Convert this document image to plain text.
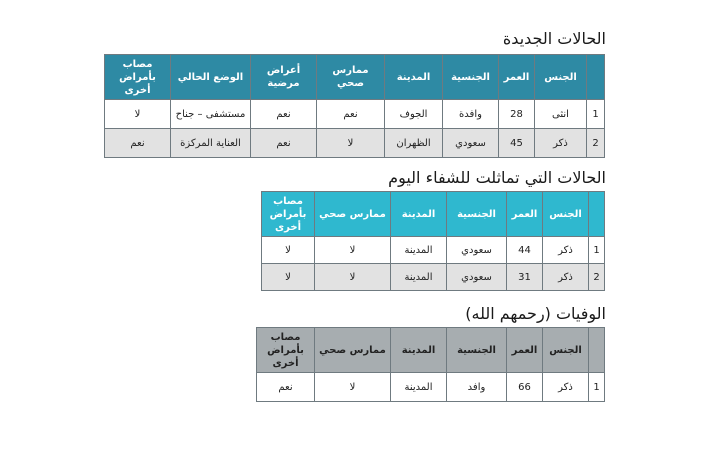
الحالات الجديدة
	الجنس	العمر	الجنسية	المدينة	ممارس صحي	أعراض مرضية	الوضع الحالي	مصاب بأمراض أخرى
1	انثى	28	وافدة	الجوف	نعم	نعم	مستشفى – جناح	لا
2	ذكر	45	سعودي	الظهران	لا	نعم	العناية المركزة	نعم
الحالات التي تماثلت للشفاء اليوم
	الجنس	العمر	الجنسية	المدينة	ممارس صحي	مصاب بأمراض أخرى
1	ذكر	44	سعودي	المدينة	لا	لا
2	ذكر	31	سعودي	المدينة	لا	لا
الوفيات (رحمهم الله)
	الجنس	العمر	الجنسية	المدينة	ممارس صحي	مصاب بأمراض أخرى
1	ذكر	66	وافد	المدينة	لا	نعم
